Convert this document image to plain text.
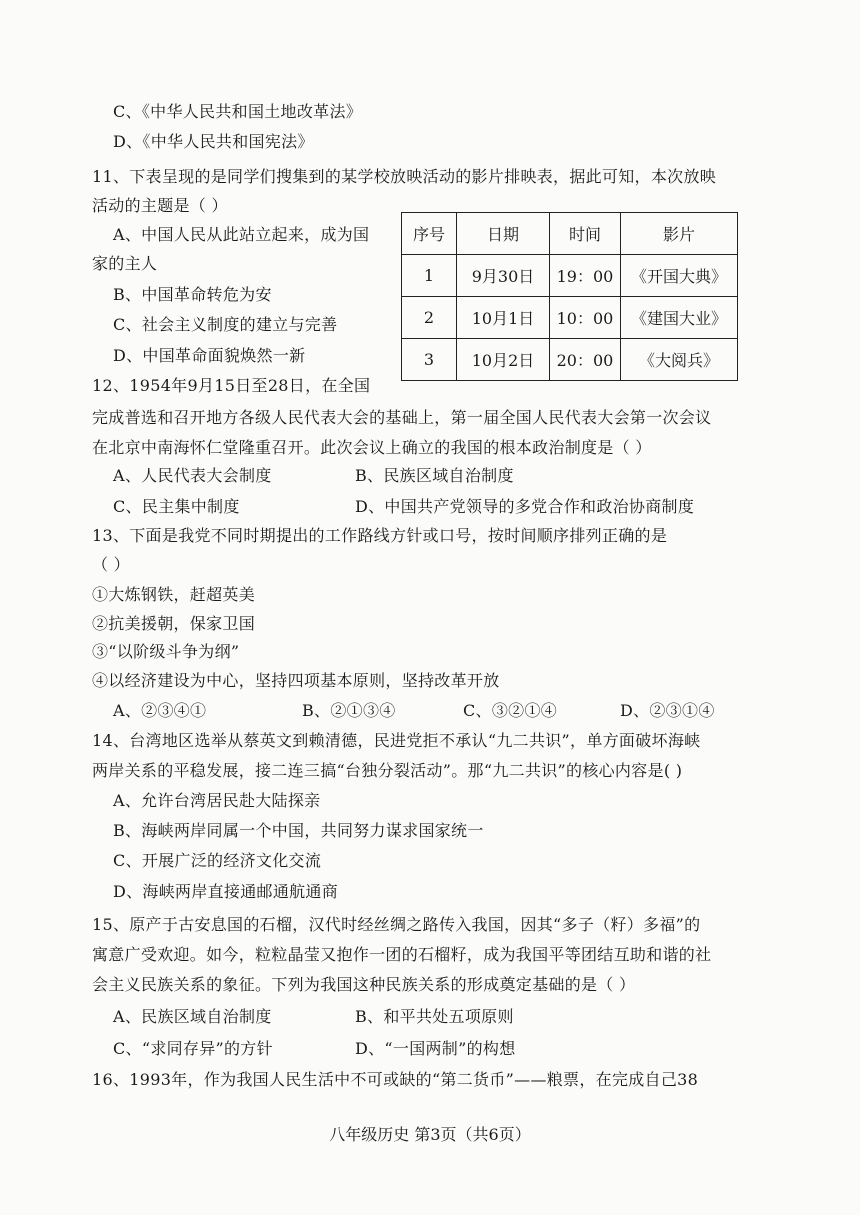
C、《中华人民共和国土地改革法》
D、《中华人民共和国宪法》
11、下表呈现的是同学们搜集到的某学校放映活动的影片排映表，据此可知，本次放映
活动的主题是（ ）
A、中国人民从此站立起来，成为国
家的主人
B、中国革命转危为安
C、社会主义制度的建立与完善
D、中国革命面貌焕然一新
序号	日期	时间	影片
1	9月30日	19：00	《开国大典》
2	10月1日	10：00	《建国大业》
3	10月2日	20：00	《大阅兵》
12、1954年9月15日至28日，在全国
完成普选和召开地方各级人民代表大会的基础上，第一届全国人民代表大会第一次会议
在北京中南海怀仁堂隆重召开。此次会议上确立的我国的根本政治制度是（ ）
A、人民代表大会制度	B、民族区域自治制度
C、民主集中制度	D、中国共产党领导的多党合作和政治协商制度
13、下面是我党不同时期提出的工作路线方针或口号，按时间顺序排列正确的是
（ ）
①大炼钢铁，赶超英美
②抗美援朝，保家卫国
③“以阶级斗争为纲”
④以经济建设为中心，坚持四项基本原则，坚持改革开放
A、②③④①	B、②①③④	C、③②①④	D、②③①④
14、台湾地区选举从蔡英文到赖清德，民进党拒不承认“九二共识”，单方面破坏海峡
两岸关系的平稳发展，接二连三搞“台独分裂活动”。那“九二共识”的核心内容是( )
A、允许台湾居民赴大陆探亲
B、海峡两岸同属一个中国，共同努力谋求国家统一
C、开展广泛的经济文化交流
D、海峡两岸直接通邮通航通商
15、原产于古安息国的石榴，汉代时经丝绸之路传入我国，因其“多子（籽）多福”的
寓意广受欢迎。如今，粒粒晶莹又抱作一团的石榴籽，成为我国平等团结互助和谐的社
会主义民族关系的象征。下列为我国这种民族关系的形成奠定基础的是（ ）
A、民族区域自治制度	B、和平共处五项原则
C、“求同存异”的方针	D、“一国两制”的构想
16、1993年，作为我国人民生活中不可或缺的“第二货币”——粮票，在完成自己38
八年级历史 第3页（共6页）
